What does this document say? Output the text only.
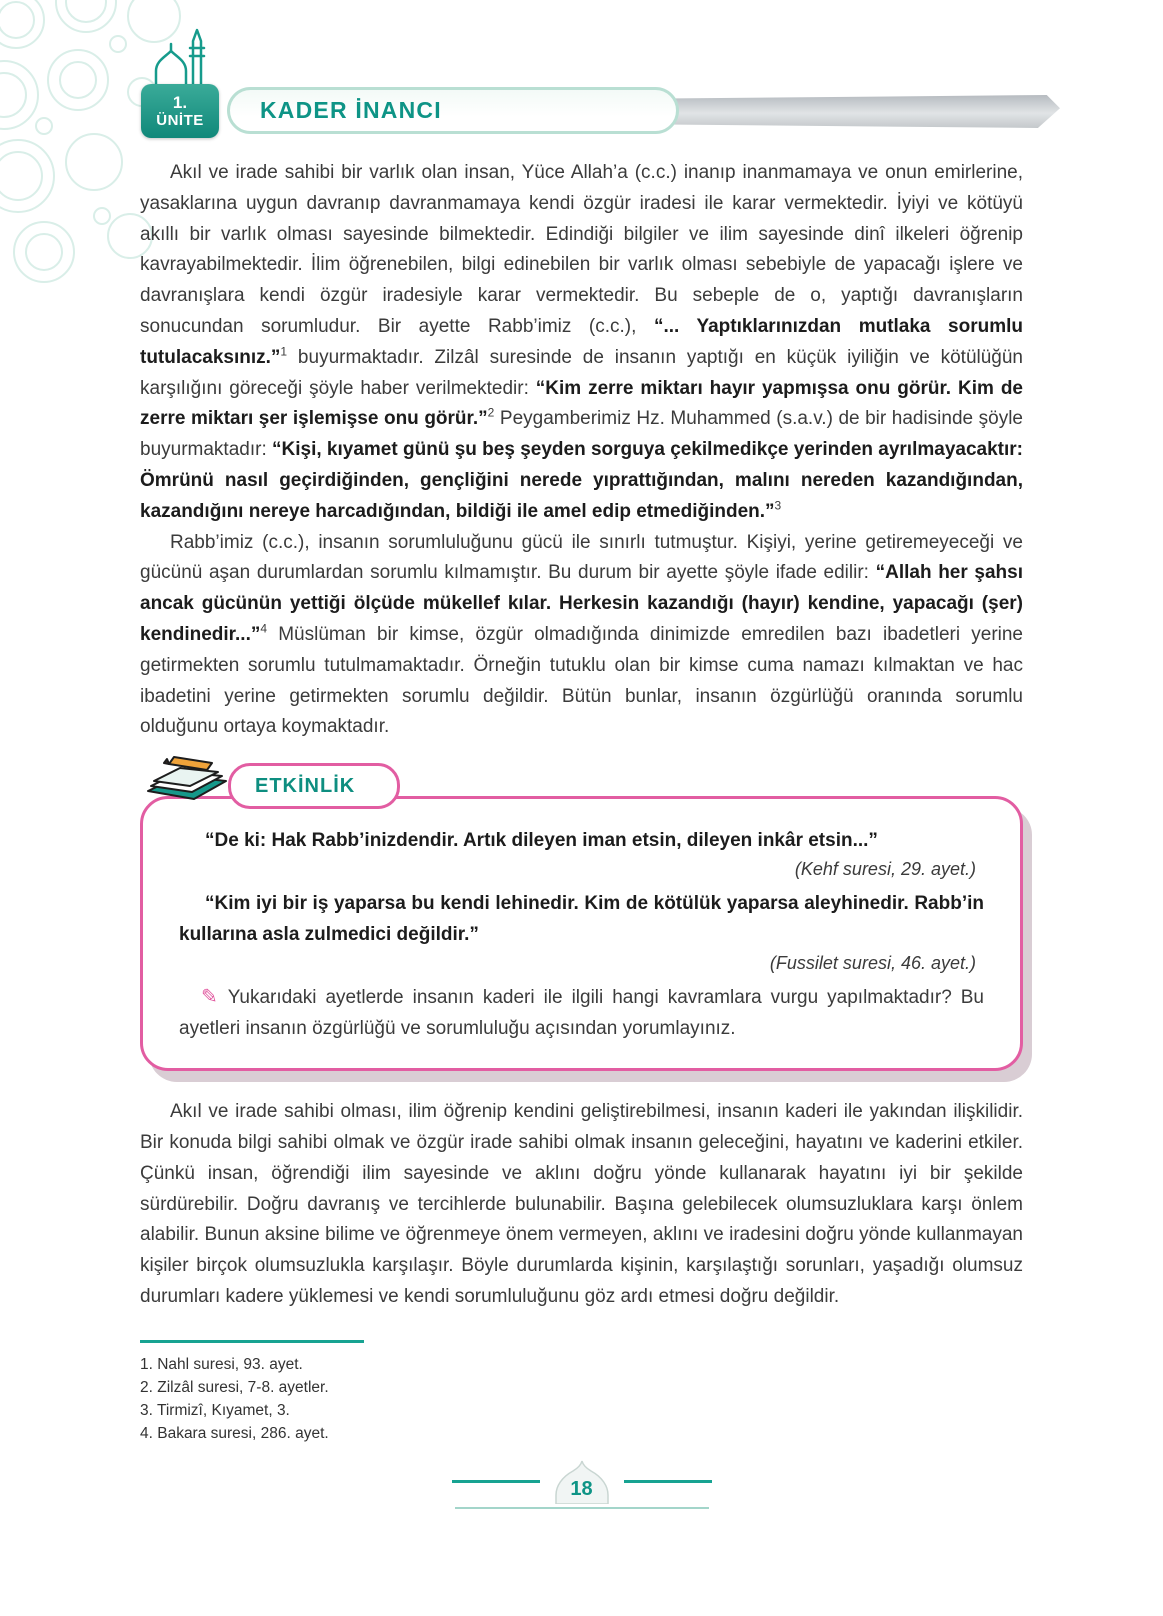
1.
ÜNİTE KADER İNANCI

Akıl ve irade sahibi bir varlık olan insan, Yüce Allah’a (c.c.) inanıp inanmamaya ve onun emirlerine, yasaklarına uygun davranıp davranmamaya kendi özgür iradesi ile karar vermektedir. İyiyi ve kötüyü akıllı bir varlık olması sayesinde bilmektedir. Edindiği bilgiler ve ilim sayesinde dinî ilkeleri öğrenip kavrayabilmektedir. İlim öğrenebilen, bilgi edinebilen bir varlık olması sebebiyle de yapacağı işlere ve davranışlara kendi özgür iradesiyle karar vermektedir. Bu sebeple de o, yaptığı davranışların sonucundan sorumludur. Bir ayette Rabb’imiz (c.c.), “... Yaptıklarınızdan mutlaka sorumlu tutulacaksınız.”$^1$ buyurmaktadır. Zilzâl suresinde de insanın yaptığı en küçük iyiliğin ve kötülüğün karşılığını göreceği şöyle haber verilmektedir: “Kim zerre miktarı hayır yapmışsa onu görür. Kim de zerre miktarı şer işlemişse onu görür.”$^2$ Peygamberimiz Hz. Muhammed (s.a.v.) de bir hadisinde şöyle buyurmaktadır: “Kişi, kıyamet günü şu beş şeyden sorguya çekilmedikçe yerinden ayrılmayacaktır: Ömrünü nasıl geçirdiğinden, gençliğini nerede yıprattığından, malını nereden kazandığından, kazandığını nereye harcadığından, bildiği ile amel edip etmediğinden.”$^3$

Rabb’imiz (c.c.), insanın sorumluluğunu gücü ile sınırlı tutmuştur. Kişiyi, yerine getiremeyeceği ve gücünü aşan durumlardan sorumlu kılmamıştır. Bu durum bir ayette şöyle ifade edilir: “Allah her şahsı ancak gücünün yettiği ölçüde mükellef kılar. Herkesin kazandığı (hayır) kendine, yapacağı (şer) kendinedir...”$^4$ Müslüman bir kimse, özgür olmadığında dinimizde emredilen bazı ibadetleri yerine getirmekten sorumlu tutulmamaktadır. Örneğin tutuklu olan bir kimse cuma namazı kılmaktan ve hac ibadetini yerine getirmekten sorumlu değildir. Bütün bunlar, insanın özgürlüğü oranında sorumlu olduğunu ortaya koymaktadır.

ETKİNLİK

“De ki: Hak Rabb’inizdendir. Artık dileyen iman etsin, dileyen inkâr etsin...”

(Kehf suresi, 29. ayet.)

“Kim iyi bir iş yaparsa bu kendi lehinedir. Kim de kötülük yaparsa aleyhinedir. Rabb’in kullarına asla zulmedici değildir.”

(Fussilet suresi, 46. ayet.)

✎ Yukarıdaki ayetlerde insanın kaderi ile ilgili hangi kavramlara vurgu yapılmaktadır? Bu ayetleri insanın özgürlüğü ve sorumluluğu açısından yorumlayınız.

Akıl ve irade sahibi olması, ilim öğrenip kendini geliştirebilmesi, insanın kaderi ile yakından ilişkilidir. Bir konuda bilgi sahibi olmak ve özgür irade sahibi olmak insanın geleceğini, hayatını ve kaderini etkiler. Çünkü insan, öğrendiği ilim sayesinde ve aklını doğru yönde kullanarak hayatını iyi bir şekilde sürdürebilir. Doğru davranış ve tercihlerde bulunabilir. Başına gelebilecek olumsuzluklara karşı önlem alabilir. Bunun aksine bilime ve öğrenmeye önem vermeyen, aklını ve iradesini doğru yönde kullanmayan kişiler birçok olumsuzlukla karşılaşır. Böyle durumlarda kişinin, karşılaştığı sorunları, yaşadığı olumsuz durumları kadere yüklemesi ve kendi sorumluluğunu göz ardı etmesi doğru değildir.

1. Nahl suresi, 93. ayet.
2. Zilzâl suresi, 7-8. ayetler.
3. Tirmizî, Kıyamet, 3.
4. Bakara suresi, 286. ayet.
18
